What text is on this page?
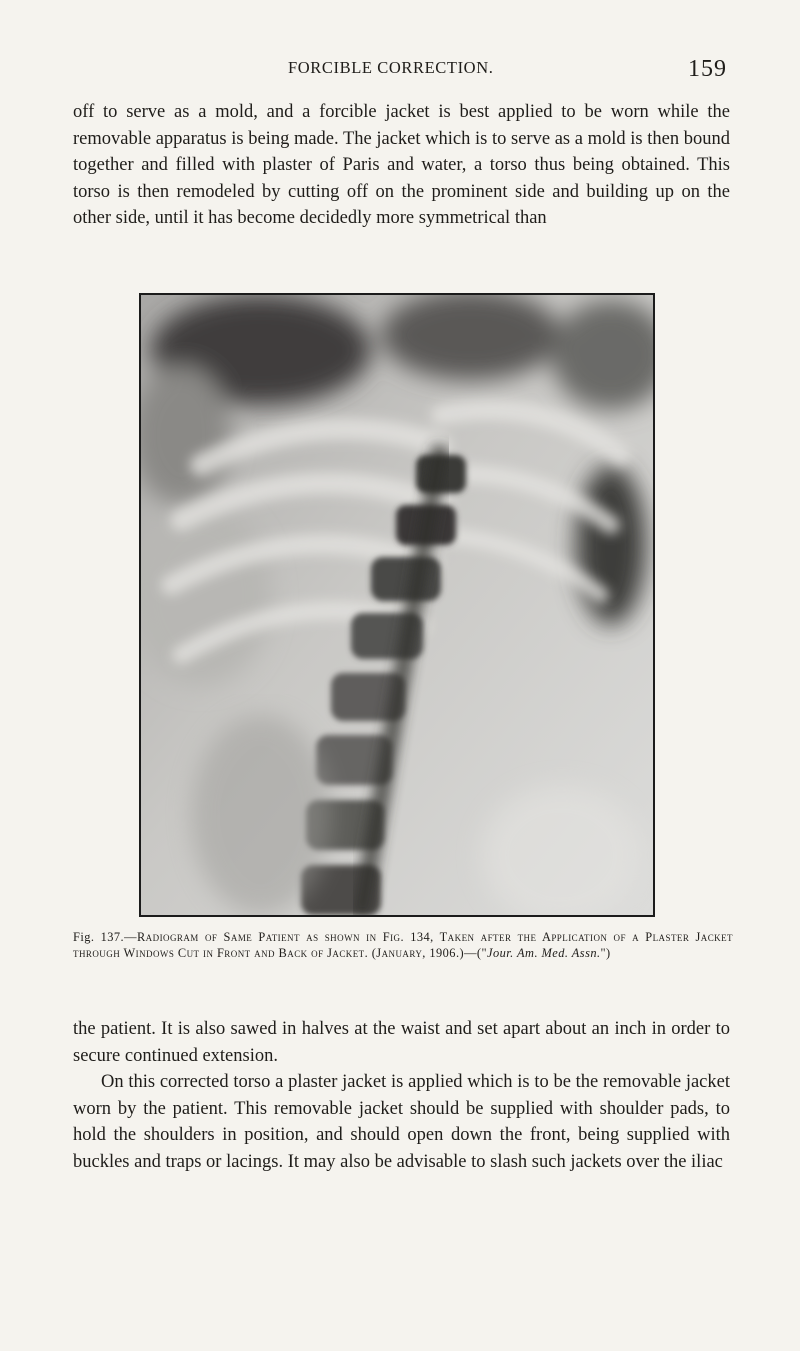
FORCIBLE CORRECTION.	159

off to serve as a mold, and a forcible jacket is best applied to be worn while the removable apparatus is being made. The jacket which is to serve as a mold is then bound together and filled with plaster of Paris and water, a torso thus being obtained. This torso is then remodeled by cutting off on the prominent side and building up on the other side, until it has become decidedly more symmetrical than

Fig. 137.—Radiogram of Same Patient as shown in Fig. 134, Taken after the Application of a Plaster Jacket through Windows Cut in Front and Back of Jacket. (January, 1906.)—("Jour. Am. Med. Assn.")

the patient. It is also sawed in halves at the waist and set apart about an inch in order to secure continued extension.

On this corrected torso a plaster jacket is applied which is to be the removable jacket worn by the patient. This removable jacket should be supplied with shoulder pads, to hold the shoulders in position, and should open down the front, being supplied with buckles and traps or lacings. It may also be advisable to slash such jackets over the iliac
